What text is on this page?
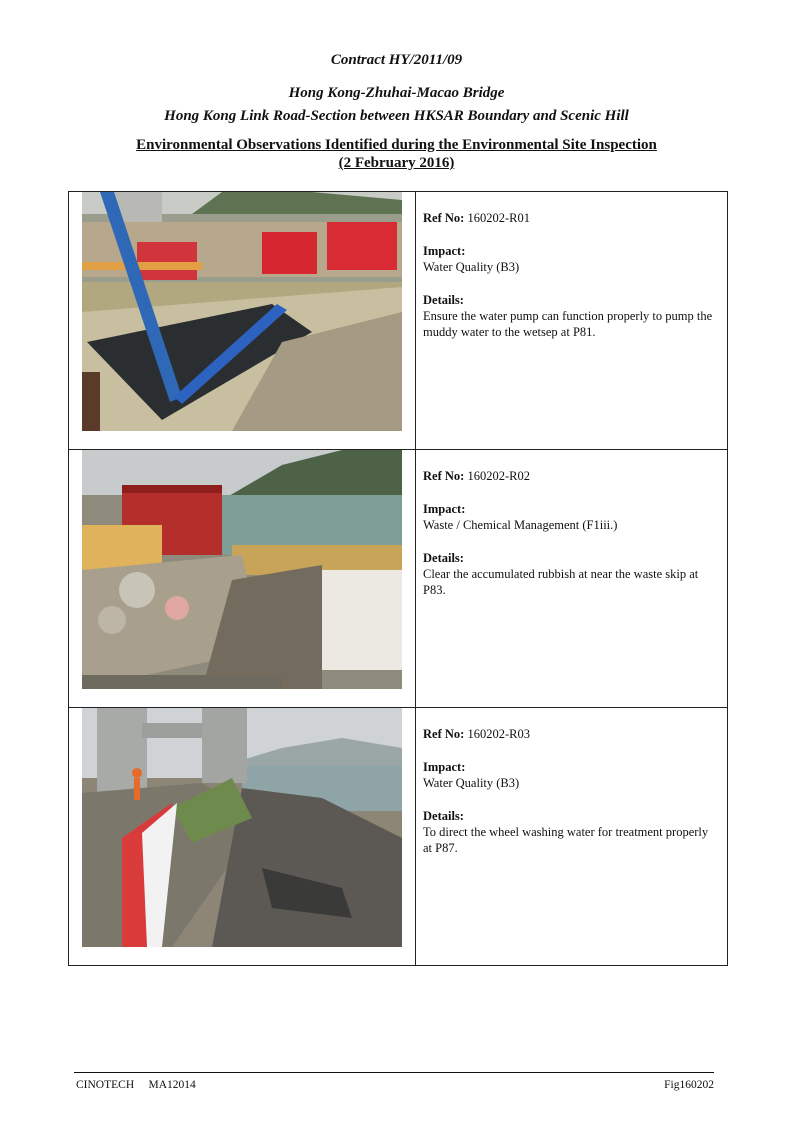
Contract HY/2011/09
Hong Kong-Zhuhai-Macao Bridge
Hong Kong Link Road-Section between HKSAR Boundary and Scenic Hill
Environmental Observations Identified during the Environmental Site Inspection
(2 February 2016)

Ref No: 160202-R01

Impact:
Water Quality (B3)

Details:
Ensure the water pump can function properly to pump the muddy water to the wetsep at P81.

Ref No: 160202-R02

Impact:
Waste / Chemical Management (F1iii.)

Details:
Clear the accumulated rubbish at near the waste skip at P83.

Ref No: 160202-R03

Impact:
Water Quality (B3)

Details:
To direct the wheel washing water for treatment properly at P87.

CINOTECH     MA12014	Fig160202
